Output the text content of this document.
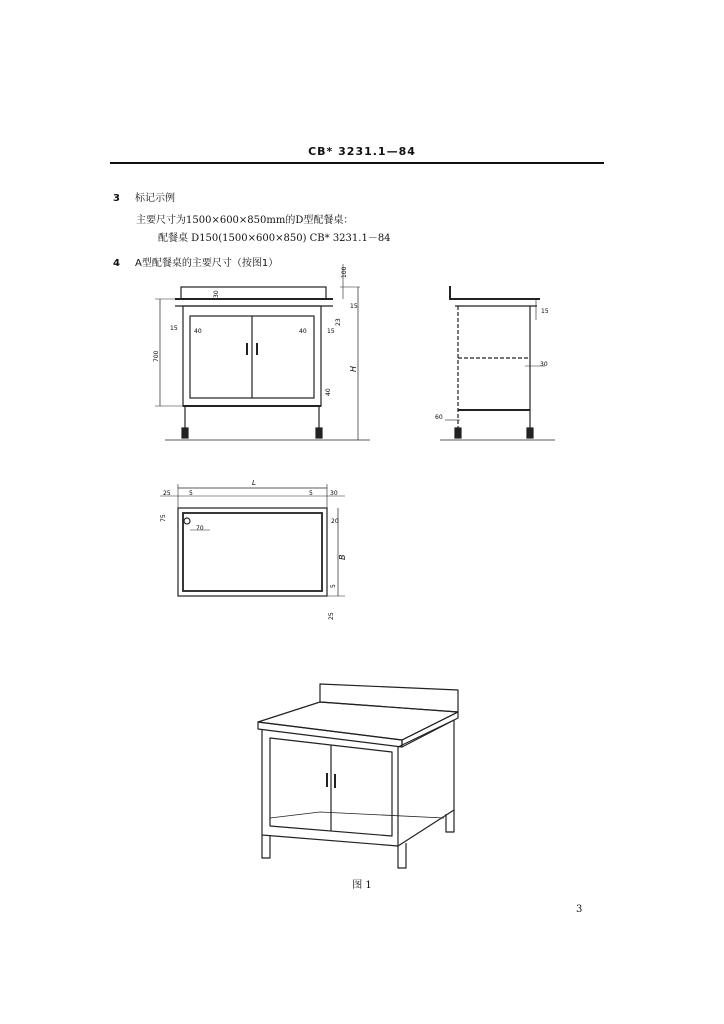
CB* 3231.1—84
3 标记示例
主要尺寸为1500×600×850mm的D型配餐桌：
配餐桌 D150(1500×600×850) CB* 3231.1－84
4 A型配餐桌的主要尺寸（按图1）
100
30
15
23
700
15	40	40	15
40
H
15
30
60
25	5
L
5	30
75
70
20
B
5
25
图 1
3
